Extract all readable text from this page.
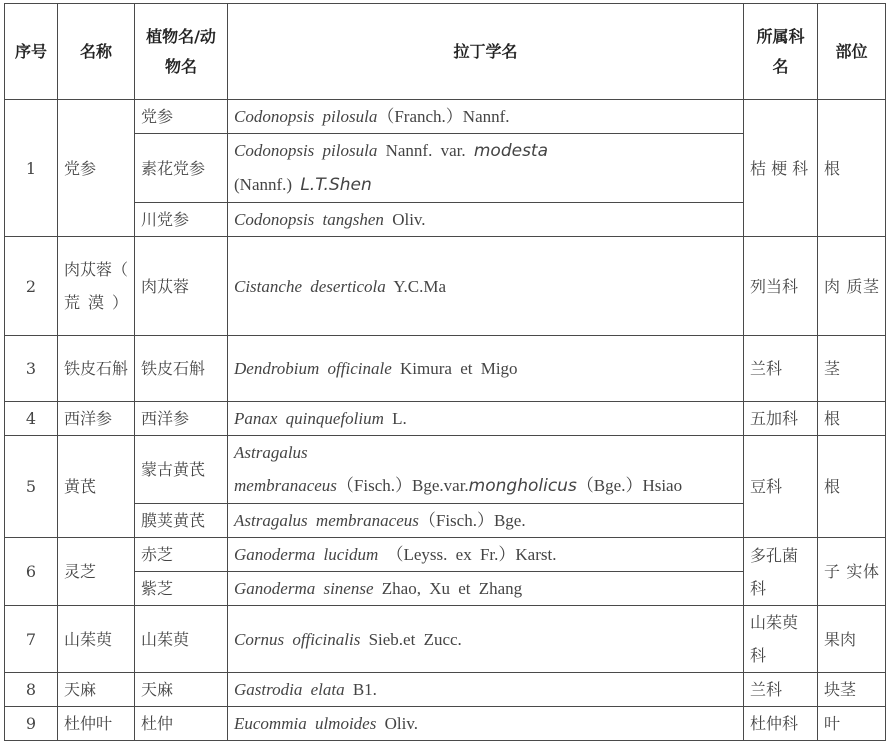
序号	名称	植物名/动物名	拉丁学名	所属科名	部位
1	党参	党参	Codonopsis pilosula（Franch.）Nannf.	桔 梗 科	根
		素花党参	Codonopsis pilosula Nannf. var. modesta
(Nannf.) L.T.Shen		
		川党参	Codonopsis tangshen Oliv.		
2	肉苁蓉（ 荒漠）	肉苁蓉	Cistanche deserticola Y.C.Ma	列当科	肉 质茎
3	铁皮石斛	铁皮石斛	Dendrobium officinale Kimura et Migo	兰科	茎
4	西洋参	西洋参	Panax quinquefolium L.	五加科	根
5	黄芪	蒙古黄芪	Astragalus
membranaceus（Fisch.）Bge.var.mongholicus（Bge.）Hsiao	豆科	根
		膜荚黄芪	Astragalus membranaceus（Fisch.）Bge.		
6	灵芝	赤芝	Ganoderma lucidum （Leyss. ex Fr.）Karst.	多孔菌科	子 实体
		紫芝	Ganoderma sinense Zhao, Xu et Zhang		
7	山茱萸	山茱萸	Cornus officinalis Sieb.et Zucc.	山茱萸科	果肉
8	天麻	天麻	Gastrodia elata B1.	兰科	块茎
9	杜仲叶	杜仲	Eucommia ulmoides Oliv.	杜仲科	叶
